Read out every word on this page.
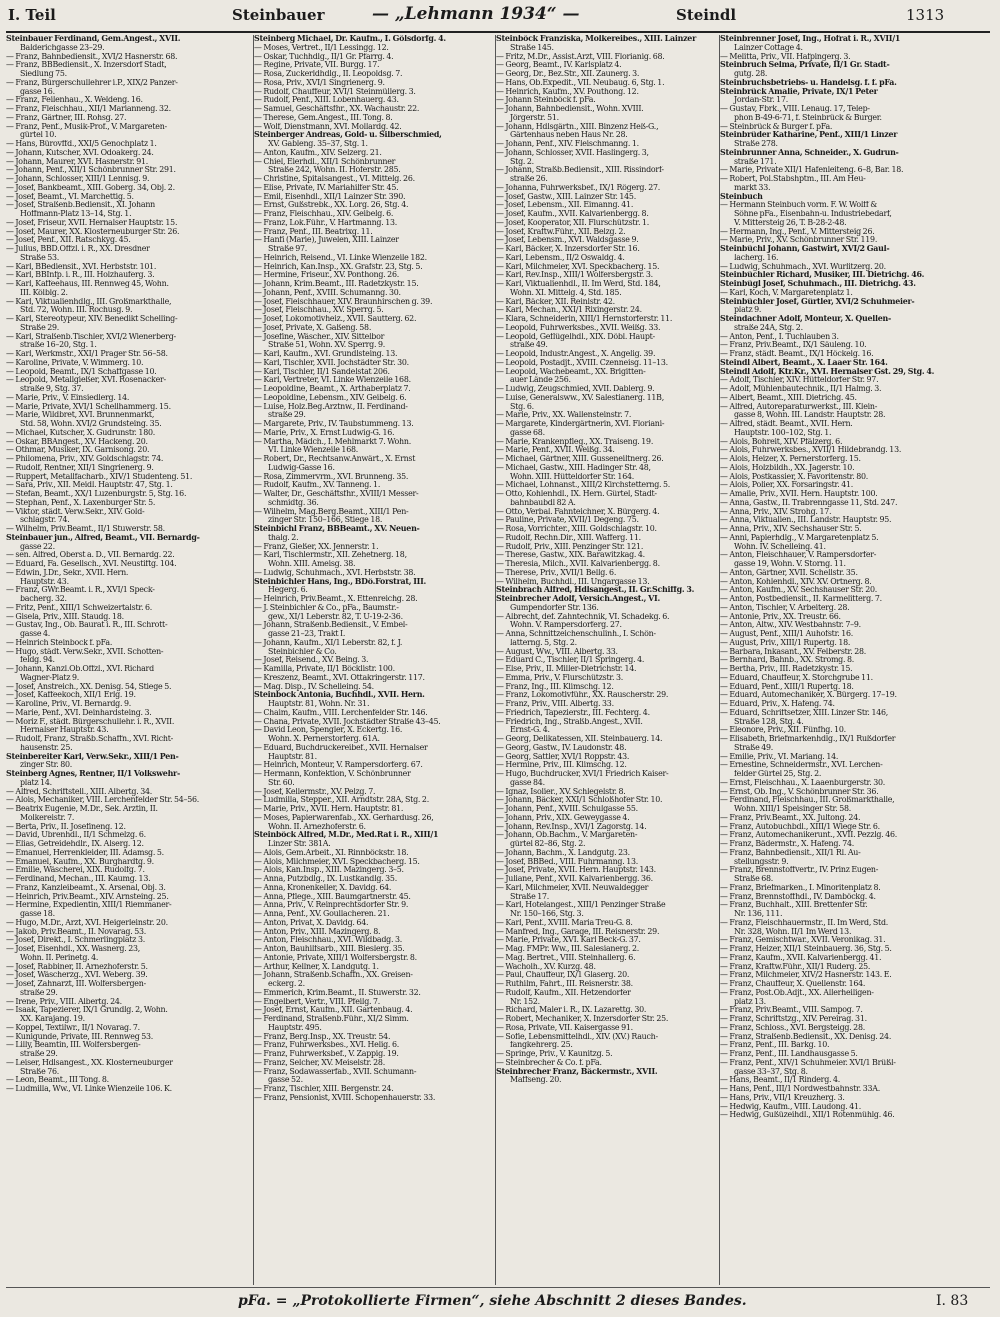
I. Teil	Steinbauer	— „Lehmann 1934“ —	Steindl	1313
Steinbauer Ferdinand, Gem.Angest., XVII.
Balderichgasse 23–29.
— Franz, Bahnbediensit., XVI/2 Hasnerstr. 68.
— Franz, BBBediensit., X. Inzersdorf Stadt,
Siedlung 75.
— Franz, Bürgerschullehrer i.P., XIX/2 Panzer-
gasse 16.
— Franz, Feilenhau., X. Weldeng. 16.
— Franz, Fleischhau., XII/1 Marianneng. 32.
— Franz, Gärtner, III. Rohsg. 27.
— Franz, Penf., Musik-Prof., V. Margareten-
gürtel 10.
— Hans, Bürovffd., XXI/5 Genochplatz 1.
— Johann, Kutscher, XVI. Odoakerg. 24.
— Johann, Maurer, XVI. Hasnerstr. 91.
— Johann, Penf., XII/1 Schönbrunner Str. 291.
— Johann, Schlosser, XIII/1 Lennisg. 9.
— Josef, Bankbeamt., XIII. Goberg. 34, Obj. 2.
— Josef, Beamt., VI. Marchettig. 5.
— Josef, Straßenb.Bediensit., XI. Johann
Hoffmann-Platz 13–14, Stg. 1.
— Josef, Friseur, XVII. Hernalser Hauptstr. 15.
— Josef, Maurer, XX. Klosterneuburger Str. 26.
— Josef, Penf., XII. Ratschkyg. 45.
— Julius, BBD.Offzl. i. R., XX. Dresdner
Straße 53.
— Karl, BBediensit., XVI. Herbststr. 101.
— Karl, BBInfp. i. R., III. Holzhauferg. 3.
— Karl, Kaffeehaus, III. Rennweg 45, Wohn.
III. Kölblg. 2.
— Karl, Viktualienhdlg., III. Großmarkthalle,
Std. 72, Wohn. III. Rochusg. 9.
— Karl, Stereotypeur, XIV. Benedikt Schelling-
Straße 29.
— Karl, Straßenb.Tischler, XVI/2 Wienerberg-
straße 16–20, Stg. 1.
— Karl, Werkmstr., XXI/1 Prager Str. 56–58.
— Karoline, Private, V. Wimmerg. 10.
— Leopold, Beamt., IX/1 Schaffgasse 10.
— Leopold, Metallgießer, XVI. Rosenacker-
straße 9, Stg. 37.
— Marie, Priv., V. Einsiedlerg. 14.
— Marie, Private, XVI/1 Schellhammerg. 15.
— Marie, Wildbret, XVI. Brunnenmarkt,
Std. 58, Wohn. XVI/2 Grundsteing. 35.
— Michael, Kutscher, X. Gudrunstr. 180.
— Oskar, BBAngest., XV. Hackeng. 20.
— Othmar, Musiker, IX. Garnisong. 20.
— Philomena, Priv., XIV. Goldschlagstr. 74.
— Rudolf, Rentner, XII/1 Singrienerg. 9.
— Ruppert, Metallfacharb., XIV/1 Studenteng. 51.
— Sara, Priv., XII. Meidl. Hauptstr. 47, Stg. 1.
— Stefan, Beamt., XX/1 Luzenburgstr. 5, Stg. 16.
— Stephan, Penf., X. Laxenburger Str. 5.
— Viktor, städt. Verw.Sekr., XIV. Gold-
schlagstr. 74.
— Wilhelm, Priv.Beamt., II/1 Stuwerstr. 58.
Steinbauer jun., Alfred, Beamt., VII. Bernardg-
gasse 22.
— sen. Alfred, Oberst a. D., VII. Bernardg. 22.
— Eduard, Fa. Gesellsch., XVI. Neustiftg. 104.
— Edwin, J.Dr., Sekr., XVII. Hern.
Hauptstr. 43.
— Franz, GWr.Beamt. i. R., XVI/1 Speck-
bacherg. 32.
— Fritz, Penf., XIII/1 Schweizertalstr. 6.
— Gisela, Priv., XIII. Staudg. 18.
— Gustav, Ing., Ob. Baurat i. R., III. Schrott-
gasse 4.
— Heinrich Steinbock f. pFa.
— Hugo, städt. Verw.Sekr., XVII. Schotten-
feldg. 94.
— Johann, Kanzl.Ob.Offzl., XVI. Richard
Wagner-Platz 9.
— Josef, Anstreich., XX. Denisg. 54, Stiege 5.
— Josef, Kaffeekoch, XII/1 Erlg. 19.
— Karoline, Priv., VI. Bernardg. 9.
— Marie, Penf., XVI. Deinhardsteing. 3.
— Moriz F., städt. Bürgerschullehr. i. R., XVII.
Hernalser Hauptstr. 43.
— Rudolf, Franz, Straßb.Schaffn., XVI. Richt-
hausenstr. 25.
Steinbereiter Karl, Verw.Sekr., XIII/1 Pen-
zinger Str. 80.
Steinberg Agnes, Rentner, II/1 Volkswehr-
platz 14.
— Alfred, Schriftstell., XIII. Albertg. 34.
— Alois, Mechaniker, VIII. Lerchenfelder Str. 54–56.
— Beatrix Eugenie, M.Dr., Sek. Arztin, II.
Molkereistr. 7.
— Berta, Priv., II. Josefineng. 12.
— David, Ubrenhdl., II/1 Schmelzg. 6.
— Elias, Getreidehdlr., IX. Alserg. 12.
— Emanuel, Herrenkleider, III. Adamsg. 5.
— Emanuel, Kaufm., XX. Burghardtg. 9.
— Emilie, Wäscherei, XIX. Rudolfg. 7.
— Ferdinand, Mechan., III. Kaumg. 13.
— Franz, Kanzleibeamt., X. Arsenal, Obj. 3.
— Heinrich, Priv.Beamt., XIV. Arnsteing. 25.
— Hermine, Expedientin, XIII/1 Riemmaner-
gasse 18.
— Hugo, M.Dr., Arzt, XVI. Heigerleinstr. 20.
— Jakob, Priv.Beamt., II. Novarag. 53.
— Josef, Direkt., I. Schmerlingplatz 3.
— Josef, Eisenhdl., XX. Wasnerg. 23,
Wohn. II. Perinetg. 4.
— Josef, Rabbiner, II. Arnezhoferstr. 5.
— Josef, Wäscherzg., XVI. Weberg. 39.
— Josef, Zahnarzt, III. Wolfersbergen-
straße 29.
— Irene, Priv., VIII. Albertg. 24.
— Isaak, Tapezierer, IX/1 Grundlg. 2, Wohn.
XX. Karajang. 19.
— Koppel, Textilwr., II/1 Novarag. 7.
— Kunigunde, Private, III. Rennweg 53.
— Lilly, Beamtin, III. Wolfersbergen-
straße 29.
— Leiser, Hdlsangest., XX. Klosterneuburger
Straße 76.
— Leon, Beamt., III Tong. 8.
— Ludmilla, Ww., VI. Linke Wienzeile 106. K.
Steinberg Michael, Dr. Kaufm., I. Gölsdorfg. 4.
— Moses, Vertret., II/1 Lessingg. 12.
— Oskar, Tuchhdlg., II/1 Gr. Pfarrg. 4.
— Regine, Private, VII. Burgg. 17.
— Rosa, Zuckerldhdlg., II. Leopoldsg. 7.
— Rosa, Priv., XVI/1 Singrienerg. 9.
— Rudolf, Chauffeur, XVI/1 Steinmüllerg. 3.
— Rudolf, Penf., XIII. Lobenhauerg. 43.
— Samuel, Geschäftsfhr., XX. Wachaustr. 22.
— Therese, Gem.Angest., III. Tong. 8.
— Wolf, Dienstmann, XVI. Mollardg. 42.
Steinberger Andreas, Gold- u. Silberschmied,
XV. Gableng. 35–37, Stg. 1.
— Anton, Kaufm., XIV. Selzerg. 21.
— Chiel, Eierhdl., XII/1 Schönbrunner
Straße 242, Wohn. II. Hoferstr. 285.
— Christine, Spitalsangest., VI. Mittelg. 26.
— Elise, Private, IV. Mariahilfer Str. 45.
— Emil, Eisenhdl., XII/1 Lainzer Str. 390.
— Ernst, Gußstrebk., XX. Lorg. 26, Stg. 4.
— Franz, Fleischhau., XIV. Geibelg. 6.
— Franz, Lok.Führ., V. Hartmanng. 13.
— Franz, Penf., III. Beatrixg. 11.
— Hanfi (Marie), Juwelen, XIII. Lainzer
Straße 97.
— Heinrich, Reisend., VI. Linke Wienzeile 182.
— Heinrich, Kan.Insp., XX. Grafstr. 23, Stg. 5.
— Hermine, Friseur., XV. Ponthong. 26.
— Johann, Krim.Beamt., III. Radetzkystr. 15.
— Johann, Penf., XVIII. Schumanng. 30.
— Josef, Fleischhauer, XIV. Braunhirschen g. 39.
— Josef, Fleischhau., XV. Sperrg. 5.
— Josef, Lokomotivheiz., XVII. Sautterg. 62.
— Josef, Private, X. Gaßeng. 58.
— Josefine, Wäscher., XIV. Sittelbor
Straße 51, Wohn. XV. Sperrg. 9.
— Karl, Kaufm., XVI. Grundlsteing. 13.
— Karl, Tischler, XVII. Jochstädter Str. 30.
— Karl, Tischler, II/1 Sandelstat 206.
— Karl, Vertreter, VI. Linke Wienzeile 168.
— Leopoldine, Beamt., X. Arthaberplatz 7.
— Leopoldine, Lebensm., XIV. Geibelg. 6.
— Luise, Holz.Beg.Arztnw., II. Ferdinand-
straße 29.
— Margarete, Priv., IV. Taubstummeng. 13.
— Marie, Priv., X. Ernst Ludwig-G. 16.
— Martha, Mädch., I. Mehlmarkt 7. Wohn.
VI. Linke Wienzeile 168.
— Robert, Dr., Rechtsanw.Anwärt., X. Ernst
Ludwig-Gasse 16.
— Rosa, Zimmervrm., XVI. Brunneng. 35.
— Rudolf, Kaufm., XV. Tanneng. 1.
— Walter, Dr., Geschäftsfhr., XVIII/1 Messer-
schmidtg. 36.
— Wilhelm, Mag.Berg.Beamt., XIII/1 Pen-
zinger Str. 150–166, Stiege 18.
Steinbichl Franz, BBBeamt., XV. Neuen-
thalg. 2.
— Franz, Gießer, XX. Jennerstr. 1.
— Karl, Tischlermstr., XII. Zehetnerg. 18,
Wohn. XIII. Ameisg. 38.
— Ludwig, Schuhmach., XVI. Herbststr. 38.
Steinbichler Hans, Ing., BDö.Forstrat, III.
Hegerg. 6.
— Heinrich, Priv.Beamt., X. Ettenreichg. 28.
— J. Steinbichler & Co., pFa., Baumstr.-
gew., XI/1 Leberstr. 82, T. U-19-2-36.
— Johann, Straßenb.Bediensit., V. Embel-
gasse 21–23, Trakt I.
— Johann, Kaufm., XI/1 Leberstr. 82, f. J.
Steinbichler & Co.
— Josef, Reisend., XV. Being. 3.
— Kamilla, Private, II/1 Böcklistr. 100.
— Kreszenz, Beamt., XVI. Ottakringerstr. 117.
— Mag. Disp., IV. Schelleing. 54.
Steinbock Antonia, Buchhdl., XVII. Hern.
Hauptstr. 81, Wohn. Nr. 31.
— Chaim, Kaufm., VIII. Lerchenfelder Str. 146.
— Chana, Private, XVII. Jochstädter Straße 43–45.
— David Leon, Spengler, X. Eckertg. 16.
Wohn. X. Pernerstorferg. 61A.
— Eduard, Buchdruckereibef., XVII. Hernalser
Hauptstr. 81.
— Heinrich, Monteur, V. Rampersdorferg. 67.
— Hermann, Konfektion, V. Schönbrunner
Str. 60.
— Josef, Kellermstr., XV. Pelzg. 7.
— Ludmilla, Stepper., XII. Arndtstr. 28A, Stg. 2.
— Marie, Priv., XVII. Hern. Hauptstr. 81.
— Moses, Papierwarenfab., XX. Gerhardusg. 26,
Wohn. II. Arnezhoferstr. 6.
Steinböck Alfred, M.Dr., Med.Rat i. R., XIII/1
Linzer Str. 381A.
— Alois, Gem.Arbeit., XI. Rinnböckstr. 18.
— Alois, Milchmeier, XVI. Speckbacherg. 15.
— Alois, Kan.Insp., XIII. Mazingerg. 3–5.
— Anna, Putzbdlg., IX. Lustkandlg. 35.
— Anna, Kronenkeller, X. Davidg. 64.
— Anna, Pflege., XIII. Baumgartnerstr. 45.
— Anna, Priv., V. Reinprechtsdorfer Str. 9.
— Anna, Penf., XV. Goullacheren. 21.
— Anton, Privat, X. Davidg. 64.
— Anton, Priv., XIII. Mazingerg. 8.
— Anton, Fleischhau., XVI. Wildbadg. 3.
— Anton, Bauhilfsarb., XIII. Bieslerg. 35.
— Antonie, Private, XIII/1 Wolfersbergstr. 8.
— Arthur, Kellner, X. Landgutg. 1.
— Johann, Straßenb.Schaffn., XX. Greisen-
eckerg. 2.
— Emmerich, Krim.Beamt., II. Stuwerstr. 32.
— Engelbert, Vertr., VIII. Pfeilg. 7.
— Josef, Ernst, Kaufm., XII. Gartenbaug. 4.
— Ferdinand, Straßenb.Führ., XI/2 Simm.
Hauptstr. 495.
— Franz, Berg.Insp., XX. Treustr. 54.
— Franz, Fuhrwerksbes., XVI. Helig. 6.
— Franz, Fuhrwerksbef., V. Zappig. 19.
— Franz, Selcher, XV. Meiselstr. 28.
— Franz, Sodawasserfab., XVII. Schumann-
gasse 52.
— Franz, Tischler, XIII. Bergenstr. 24.
— Franz, Pensionist, XVIII. Schopenhauerstr. 33.
Steinböck Franziska, Molkereibes., XIII. Lainzer
Straße 145.
— Fritz, M.Dr., Assist.Arzt, VIII. Florianig. 68.
— Georg, Beamt., IV. Karlsplatz 4.
— Georg, Dr., Bez.Str., XII. Zaunerg. 3.
— Hans, Ob.Expedit., VII. Neubaug. 6, Stg. 1.
— Heinrich, Kaufm., XV. Pouthong. 12.
— Johann Steinböck f. pFa.
— Johann, Bahnbediensit., Wohn. XVIII.
Jörgerstr. 51.
— Johann, Hdlsgärtn., XIII. Binzenz Heß-G.,
Gärtenhaus neben Haus Nr. 28.
— Johann, Penf., XIV. Fleischmanng. 1.
— Johann, Schlosser, XVII. Haslingerg. 3,
Stg. 2.
— Johann, Straßb.Bediensit., XIII. Rissindorf-
straße 26.
— Johanna, Fuhrwerksbef., IX/1 Rögerg. 27.
— Josef, Gastw., XIII. Lainzer Str. 145.
— Josef, Lebensm., XII. Eimanng. 41.
— Josef, Kaufm., XVII. Kalvarienbergg. 8.
— Josef, Kooperator, XII. Flurschützstr. 1.
— Josef, Kraftw.Führ., XII. Belzg. 2.
— Josef, Lebensm., XVI. Waldsgasse 9.
— Karl, Bäcker, X. Inzersdorfer Str. 16.
— Karl, Lebensm., II/2 Oswaldg. 4.
— Karl, Milchmeier, XVI. Speckbacherg. 15.
— Karl, Rev.Insp., XIII/1 Wolfersbergstr. 3.
— Karl, Viktualienhdl., II. Im Werd, Std. 184,
Wohn. XI. Mittelg. 4, Std. 185.
— Karl, Bäcker, XII. Reinlstr. 42.
— Karl, Mechan., XXI/1 Rixingerstr. 24.
— Klara, Schneiderin, XIII/1 Hernstorferstr. 11.
— Leopold, Fuhrwerksbes., XVII. Weißg. 33.
— Leopold, Geflügelhdl., XIX. Döbl. Haupt-
straße 49.
— Leopold, Industr.Angest., X. Angelig. 39.
— Leopold, Postadjt., XVIII. Czenneisg. 11–13.
— Leopold, Wachebeamt., XX. Brigitten-
auer Lände 256.
— Ludwig, Zeugschmied, XVII. Dablerg. 9.
— Luise, Generalsww., XV. Salestianerg. 11B,
Stg. 6.
— Marie, Priv., XX. Wallensteinstr. 7.
— Margarete, Kindergärtnerin, XVI. Floriani-
gasse 68.
— Marie, Krankenpfleg., XX. Traiseng. 19.
— Marie, Penf., XVII. Weißg. 34.
— Michael, Gärtner, XIII. Gusseneiltnerg. 26.
— Michael, Gastw., XIII. Hadinger Str. 48,
Wohn. XIII. Hütteldorfer Str. 164.
— Michael, Lohnanst., XIII/2 Kirchstetterng. 5.
— Otto, Kohlenhdl., IX. Hern. Gürtel, Stadt-
bahnbaubdl 82 A.
— Otto, Verbal. Fahnteichner, X. Bürgerg. 4.
— Pauline, Private, XVII/1 Degeng. 75.
— Rosa, Vorrichter., XIII. Goldschlagstr. 10.
— Rudolf, Rechn.Dir., XIII. Wafferg. 11.
— Rudolf, Priv., XIII. Penzinger Str. 121.
— Therese, Gastw., XIX. Barawitzkag. 4.
— Theresia, Milch., XVII. Kalvarienbergg. 8.
— Therese, Priv., XVII/1 Bellg. 6.
— Wilhelm, Buchhdl., III. Ungargasse 13.
Steinbrach Alfred, Hdlsangest., II. Gr.Schiffg. 3.
Steinbrecher Adolf, Versich.Angest., VI.
Gumpendorfer Str. 136.
— Albrecht, def. Zahntechnik, VI. Schadekg. 6.
Wohn. V. Rampersdorferg. 27.
— Anna, Schnittzeichenschulinh., I. Schön-
latterng. 5, Stg. 2.
— August, Ww., VIII. Albertg. 33.
— Eduard C., Tischler, II/1 Springerg. 4.
— Else, Priv., II. Miller-Dietrichstr. 14.
— Emma, Priv., V. Flurschützstr. 3.
— Franz, Ing., III. Klimschg. 12.
— Franz, Lokomotivführ., XX. Rauscherstr. 29.
— Franz, Priv., VIII. Albertg. 33.
— Friedrich, Tapezierstr., III. Fechterg. 4.
— Friedrich, Ing., Straßb.Angest., XVII.
Ernst-G. 4.
— Georg, Delikatessen, XII. Steinbauerg. 14.
— Georg, Gastw., IV. Laudonstr. 48.
— Georg, Sattler, XVI/1 Roppstr. 43.
— Hermine, Priv., III. Klimschg. 12.
— Hugo, Buchdrucker, XVI/1 Friedrich Kaiser-
gasse 84.
— Ignaz, Isolier., XV. Schlegelstr. 8.
— Johann, Bäcker, XXI/1 Schloßhofer Str. 10.
— Johann, Penf., XVIII. Schulgasse 55.
— Johann, Priv., XIX. Geweygasse 4.
— Johann, Rev.Insp., XVI/1 Zagorstg. 14.
— Johann, Ob.Bachm., V. Margareten-
gürtel 82–86, Stg. 2.
— Johann, Bachm., X. Landgutg. 23.
— Josef, BBBed., VIII. Fuhrmanng. 13.
— Josef, Private, XVII. Hern. Hauptstr. 143.
— Juliane, Penf., XVII. Kalvarienbergg. 36.
— Karl, Milchmeier, XVII. Neuwaldegger
Straße 17.
— Karl, Hotelangest., XIII/1 Penzinger Straße
Nr. 150–166, Stg. 3.
— Karl, Penf., XVIII. Maria Treu-G. 8.
— Manfred, Ing., Garage, III. Reisnerstr. 29.
— Marie, Private, XVI. Karl Beck-G. 37.
— Mag. FMPr. Ww., III. Salesianerg. 2.
— Mag. Bertret., VIII. Steinhallerg. 6.
— Wacholh., XV. Kurzg. 48.
— Paul, Chauffeur, IX/1 Glaserg. 20.
— Ruthilm, Fahrt., III. Reisnerstr. 38.
— Rudolf, Kaufm., XII. Hetzendorfer
Nr. 152.
— Richard, Maler i. R., IX. Lazarettg. 30.
— Robert, Mechaniker, X. Inzersdorfer Str. 25.
— Rosa, Private, VII. Kaisergasse 91.
— Sofie, Lebensmittelhdl., XIV. (XV.) Rauch-
fangkehrerg. 25.
— Springe, Priv., V. Kaunitzg. 5.
— Steinbrecher & Co. f. pFa.
Steinbrecher Franz, Bäckermstr., XVII.
Maffseng. 20.
Steinbrenner Josef, Ing., Hofrat i. R., XVII/1
Lainzer Cottage 4.
— Melitta, Priv., VII. Hafpingerg. 3.
Steinbruch Selma, Private, II/1 Gr. Stadt-
gutg. 28.
Steinbruchsbetriebs- u. Handelsg. f. f. pFa.
Steinbrück Amalie, Private, IX/1 Peter
Jordan-Str. 17.
— Gustav, Fbrk., VIII. Lenaug. 17, Telep-
phon B-49-6-71, f. Steinbrück & Burger.
— Steinbrück & Burger f. pFa.
Steinbrüder Katharine, Penf., XIII/1 Linzer
Straße 278.
Steinbrunner Anna, Schneider., X. Gudrun-
straße 171.
— Marie, Private XII/1 Hafenleiteng. 6–8, Bar. 18.
— Robert, Pol.Stabshptm., III. Am Heu-
markt 33.
Steinbuch
— Hermann Steinbuch vorm. F. W. Wolff &
Söhne pFa., Eisenbahn-u. Industriebedarf,
V. Mittersteig 26, T. B-28-2-48.
— Hermann, Ing., Penf., V. Mittersteig 26.
— Marie, Priv., XV. Schönbrunner Str. 119.
Steinbüchl Johann, Gastwirt, XVI/2 Gaul-
lacherg. 16.
— Ludwig, Schuhmach., XVI. Wurlitzerg. 20.
Steinbüchler Richard, Musiker, III. Dietrichg. 46.
Steinbügl Josef, Schuhmach., III. Dietrichg. 43.
— Karl, Koch, V. Margaretenplatz 1.
Steinbüchler Josef, Gürtler, XVI/2 Schuhmeier-
platz 9.
Steindachner Adolf, Monteur, X. Quellen-
straße 24A, Stg. 2.
— Anton, Penf., I. Tuchlauben 3.
— Franz, Priv.Beamt., IX/1 Säuleng. 10.
— Franz, städt. Beamt., IX/1 Höckelg. 16.
Steindl Albert, Beamt., X. Laaer Str. 164.
Steindl Adolf, Ktr.Kr., XVI. Hernalser Gst. 29, Stg. 4.
— Adolf, Tischler, XIV. Hütteldorfer Str. 97.
— Adolf, Mühlenbautechnik., II/1 Halmg. 3.
— Albert, Beamt., XIII. Dietrichg. 45.
— Alfred, Autoreparaturwerkst., III. Klein-
gasse 8, Wohn. III. Landstr. Hauptstr. 28.
— Alfred, städt. Beamt., XVII. Hern.
Hauptstr. 100–102, Stg. 1.
— Alois, Bohreit, XIV. Pfälzerg. 6.
— Alois, Fuhrwerksbes., XVII/1 Hildebrandg. 13.
— Alois, Heizer, X. Pernerstorferg. 15.
— Alois, Holzbildh., XX. Jagerstr. 10.
— Alois, Postkassier, X. Favoritenstr. 80.
— Alois, Polier, XX. Forsaringstr. 41.
— Amalie, Priv., XVII. Hern. Hauptstr. 100.
— Anna, Gastw., II. Trabrenngasse 11, Std. 247.
— Anna, Priv., XIV. Strohg. 17.
— Anna, Viktualien., III. Landstr. Hauptstr. 95.
— Anna, Priv., XIV. Sechshauser Str. 5.
— Anni, Papierhdlg., V. Margaretenplatz 5.
Wohn. IV. Schelleing. 41.
— Anton, Fleischhauer, V. Rampersdorfer-
gasse 19, Wohn. V. Storng. 11.
— Anton, Gärtner, XVII. Schellstr. 35.
— Anton, Kohlenhdl., XIV. XV. Ortnerg. 8.
— Anton, Kaufm., XV. Sechshauser Str. 20.
— Anton, Postbediensit., II. Karmelitterg. 7.
— Anton, Tischler, V. Arbeiterg. 28.
— Antonie, Priv., XX. Treustr. 66.
— Anton, Altw., XIV. Westbahnstr. 7–9.
— August, Penf., XIII/1 Auhofstr. 16.
— August, Priv., XIII/1 Rupertg. 18.
— Barbara, Inkasant., XV. Felberstr. 28.
— Bernhard, Bahnb., XX. Stromg. 8.
— Bertha, Priv., III. Radetzkystr. 15.
— Eduard, Chauffeur, X. Storchgrube 11.
— Eduard, Penf., XIII/1 Rupertg. 18.
— Eduard, Automechaniker, X. Bürgerg. 17–19.
— Eduard, Priv., X. Hafeng. 74.
— Eduard, Schriftsetzer, XIII. Linzer Str. 146,
Straße 128, Stg. 4.
— Eleonore, Priv., XII. Fünfhg. 10.
— Elisabeth, Briefmarkenhdlg., IX/1 Rußdorfer
Straße 49.
— Emilie, Priv., VI. Mariang. 14.
— Ernestine, Schneidermstr., XVI. Lerchen-
felder Gürtel 25, Stg. 2.
— Ernst, Fleischhau., X. Laaenburgerstr. 30.
— Ernst, Ob. Ing., V. Schönbrunner Str. 36.
— Ferdinand, Fleischhau., III. Großmarkthalle,
Wohn. XIII/1 Speisinger Str. 58.
— Franz, Priv.Beamt., XX. Jultong. 24.
— Franz, Autobuchbdl., XIII/1 Wiege Str. 6.
— Franz, Automechanikerunt., XVII. Pezzlg. 46.
— Franz, Bädermstr., X. Hafeng. 74.
— Franz, Bahnbediensit., XII/1 Rl. Au-
stellungsstr. 9.
— Franz, Brennstoffvertr., IV. Prinz Eugen-
Straße 68.
— Franz, Briefmarken., I. Minoritenplatz 8.
— Franz, Brennstoffhdl., IV. Damböckg. 4.
— Franz, Buchhalt., XIII. Brettenfer Str.
Nr. 136, 111.
— Franz, Fleischhauermstr., II. Im Werd, Std.
Nr. 328, Wohn. II/1 Im Werd 13.
— Franz, Gemischtwar., XVII. Veronikag. 31.
— Franz, Heizer, XII/1 Steinbauerg. 36, Stg. 5.
— Franz, Kaufm., XVII. Kalvarienbergg. 41.
— Franz, Kraftw.Führ., XII/1 Ruderg. 25.
— Franz, Milchmeier, XIV/2 Hasnerstr. 143. E.
— Franz, Chauffeur, X. Quellenstr. 164.
— Franz, Post.Ob.Adjt., XX. Allerheiligen-
platz 13.
— Franz, Priv.Beamt., VIII. Sampog. 7.
— Franz, Schriftstzg., XIV. Pereirag. 31.
— Franz, Schloss., XVI. Bergsteigg. 28.
— Franz, Straßenb.Bediensit., XX. Denisg. 24.
— Franz, Penf., III. Barkg. 10.
— Franz, Penf., III. Landhausgasse 5.
— Franz, Penf., XIV/1 Schuhmeier. XVI/1 Brüßl-
gasse 33–37, Stg. 8.
— Hans, Beamt., II/1 Rinderg. 4.
— Hans, Penf., III/1 Nordwestbahnstr. 33A.
— Hans, Priv., VII/1 Kreuzherg. 3.
— Hedwig, Kaufm., VIII. Laudong. 41.
— Hedwig, Gußüzeihdl., XII/1 Rotenmühlg. 46.
pFa. = „Protokollierte Firmen“, siehe Abschnitt 2 dieses Bandes.	I. 83
